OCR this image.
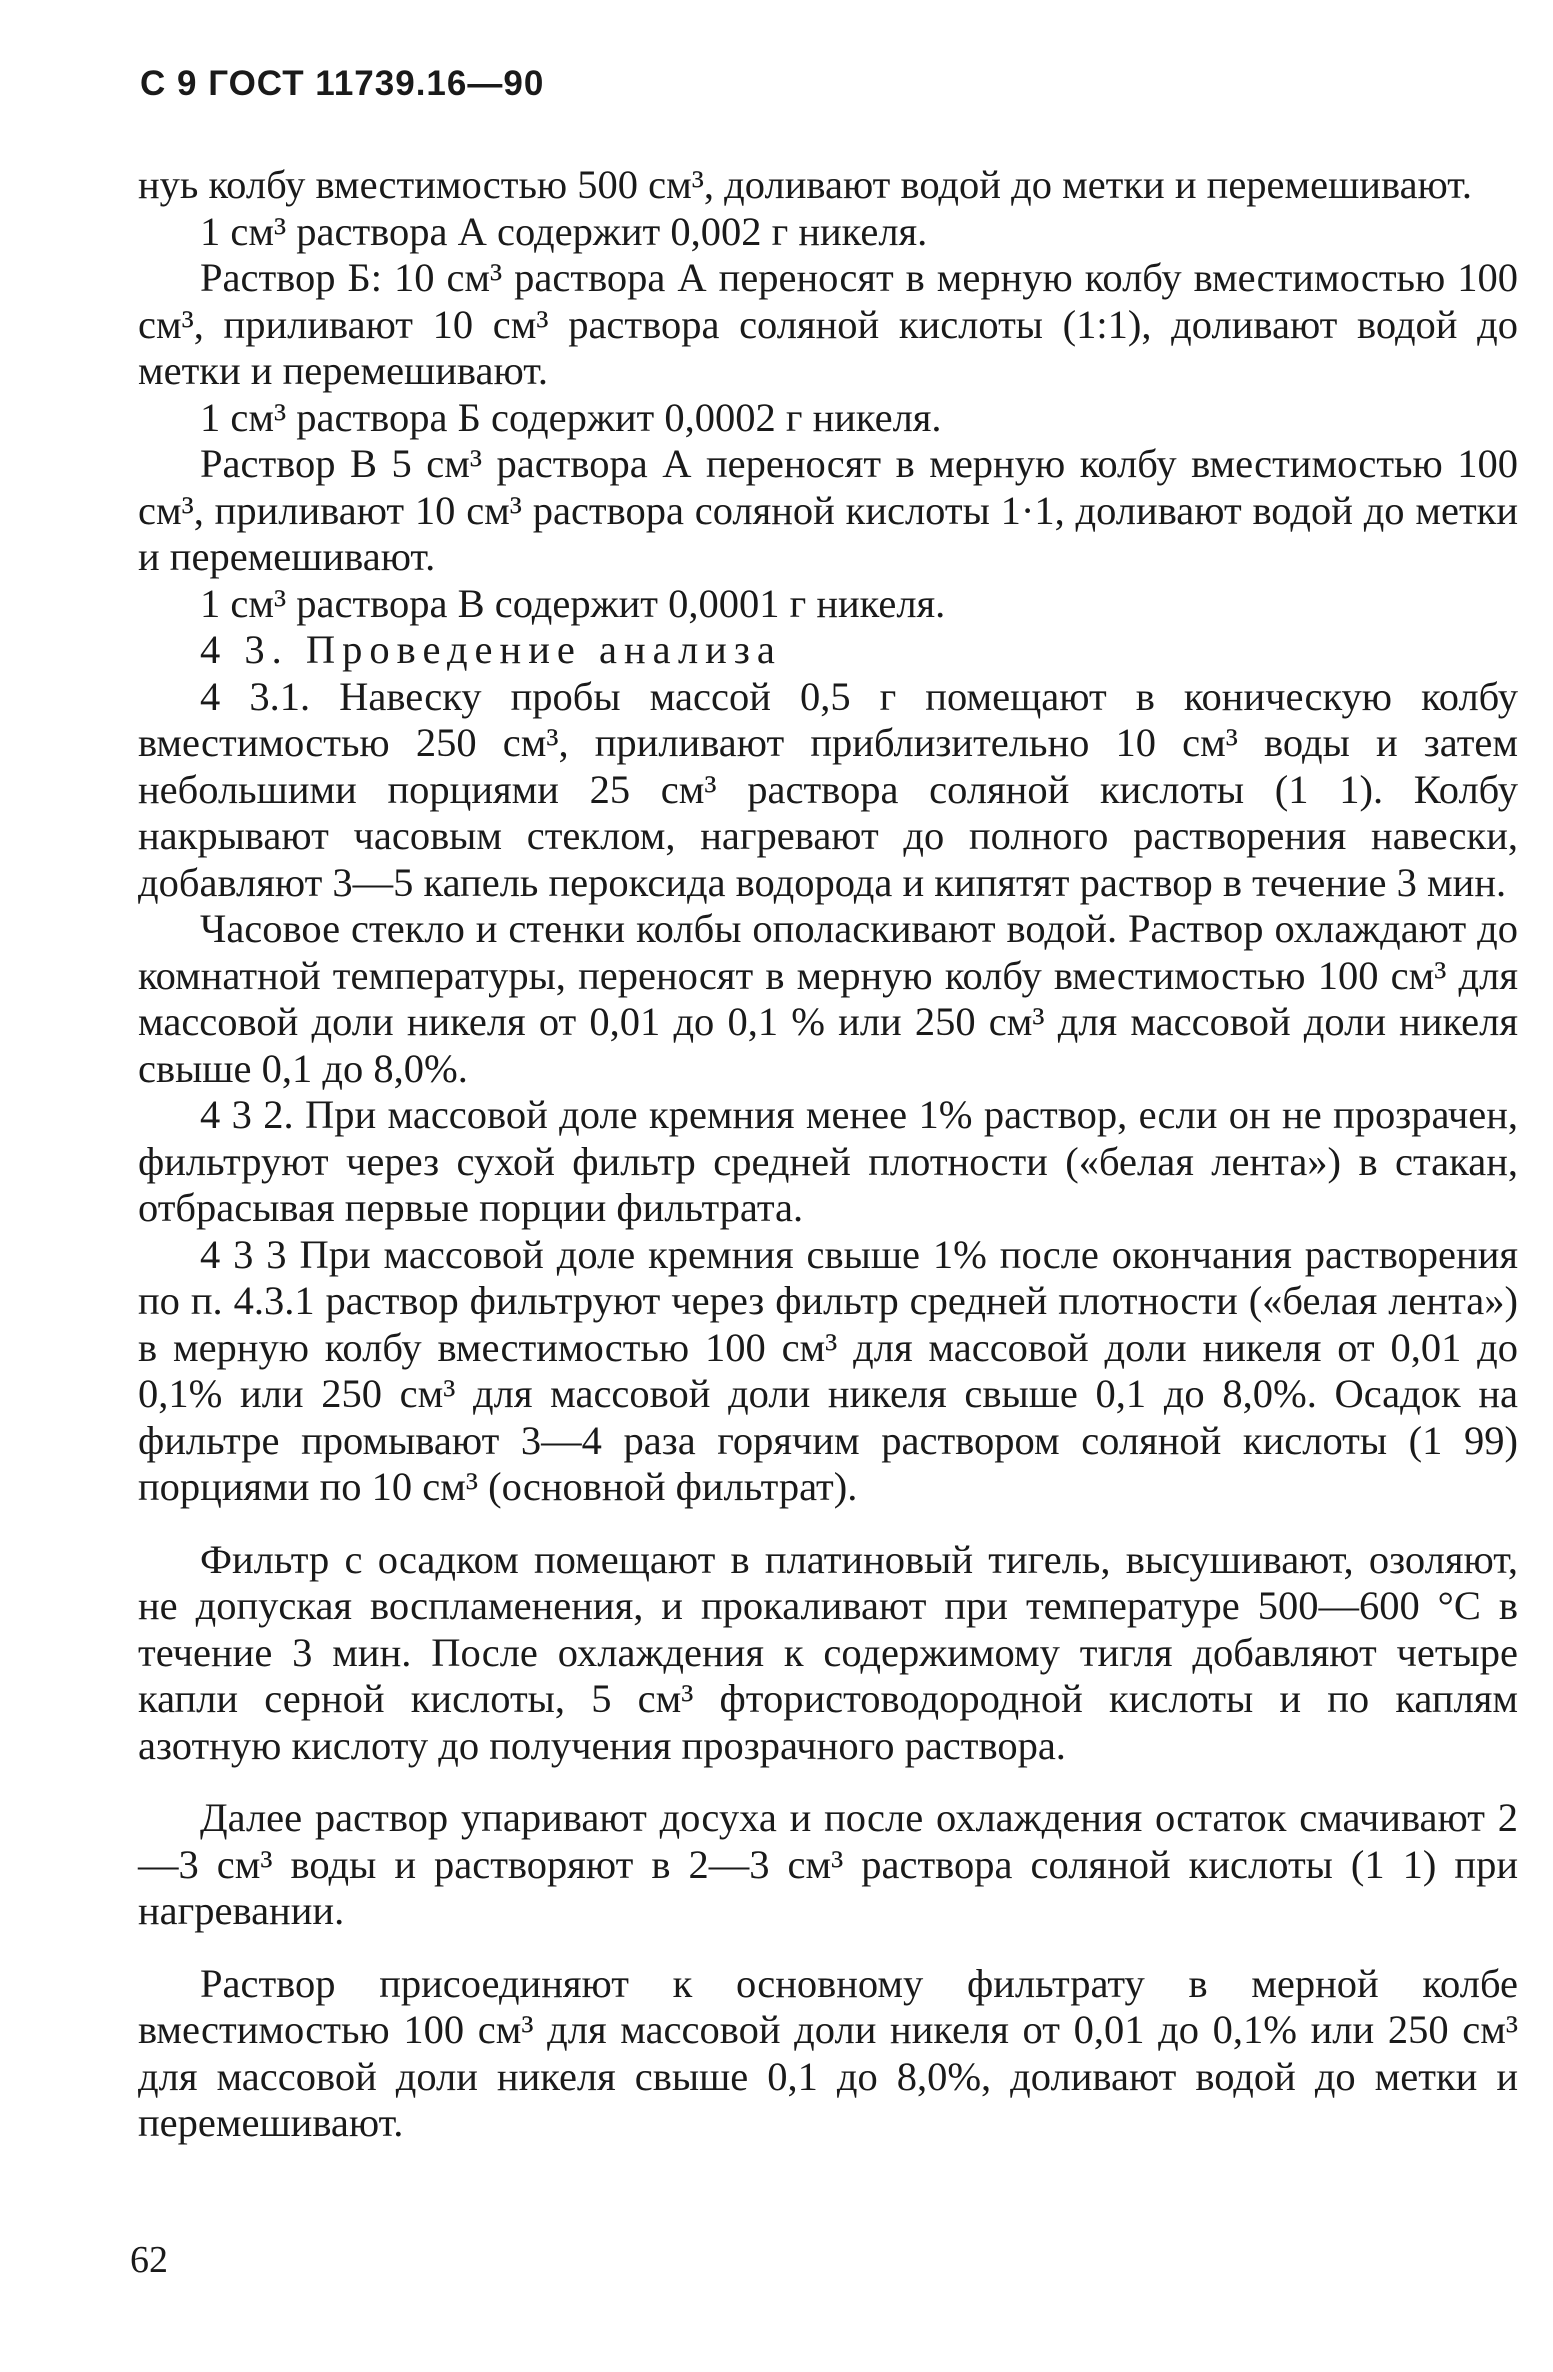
С 9 ГОСТ 11739.16—90

нуь колбу вместимостью 500 см³, доливают водой до метки и перемешивают.

1 см³ раствора А содержит 0,002 г никеля.

Раствор Б: 10 см³ раствора А переносят в мерную колбу вместимостью 100 см³, приливают 10 см³ раствора соляной кислоты (1:1), доливают водой до метки и перемешивают.

1 см³ раствора Б содержит 0,0002 г никеля.

Раствор В 5 см³ раствора А переносят в мерную колбу вместимостью 100 см³, приливают 10 см³ раствора соляной кислоты 1·1, доливают водой до метки и перемешивают.

1 см³ раствора В содержит 0,0001 г никеля.

4 3. Проведение анализа

4 3.1. Навеску пробы массой 0,5 г помещают в коническую колбу вместимостью 250 см³, приливают приблизительно 10 см³ воды и затем небольшими порциями 25 см³ раствора соляной кислоты (1 1). Колбу накрывают часовым стеклом, нагревают до полного растворения навески, добавляют 3—5 капель пероксида водорода и кипятят раствор в течение 3 мин.

Часовое стекло и стенки колбы ополаскивают водой. Раствор охлаждают до комнатной температуры, переносят в мерную колбу вместимостью 100 см³ для массовой доли никеля от 0,01 до 0,1 % или 250 см³ для массовой доли никеля свыше 0,1 до 8,0%.

4 3 2. При массовой доле кремния менее 1% раствор, если он не прозрачен, фильтруют через сухой фильтр средней плотности («белая лента») в стакан, отбрасывая первые порции фильтрата.

4 3 3 При массовой доле кремния свыше 1% после окончания растворения по п. 4.3.1 раствор фильтруют через фильтр средней плотности («белая лента») в мерную колбу вместимостью 100 см³ для массовой доли никеля от 0,01 до 0,1% или 250 см³ для массовой доли никеля свыше 0,1 до 8,0%. Осадок на фильтре промывают 3—4 раза горячим раствором соляной кислоты (1 99) порциями по 10 см³ (основной фильтрат).

Фильтр с осадком помещают в платиновый тигель, высушивают, озоляют, не допуская воспламенения, и прокаливают при температуре 500—600 °С в течение 3 мин. После охлаждения к содержимому тигля добавляют четыре капли серной кислоты, 5 см³ фтористоводородной кислоты и по каплям азотную кислоту до получения прозрачного раствора.

Далее раствор упаривают досуха и после охлаждения остаток смачивают 2—3 см³ воды и растворяют в 2—3 см³ раствора соляной кислоты (1 1) при нагревании.

Раствор присоединяют к основному фильтрату в мерной колбе вместимостью 100 см³ для массовой доли никеля от 0,01 до 0,1% или 250 см³ для массовой доли никеля свыше 0,1 до 8,0%, доливают водой до метки и перемешивают.

62
